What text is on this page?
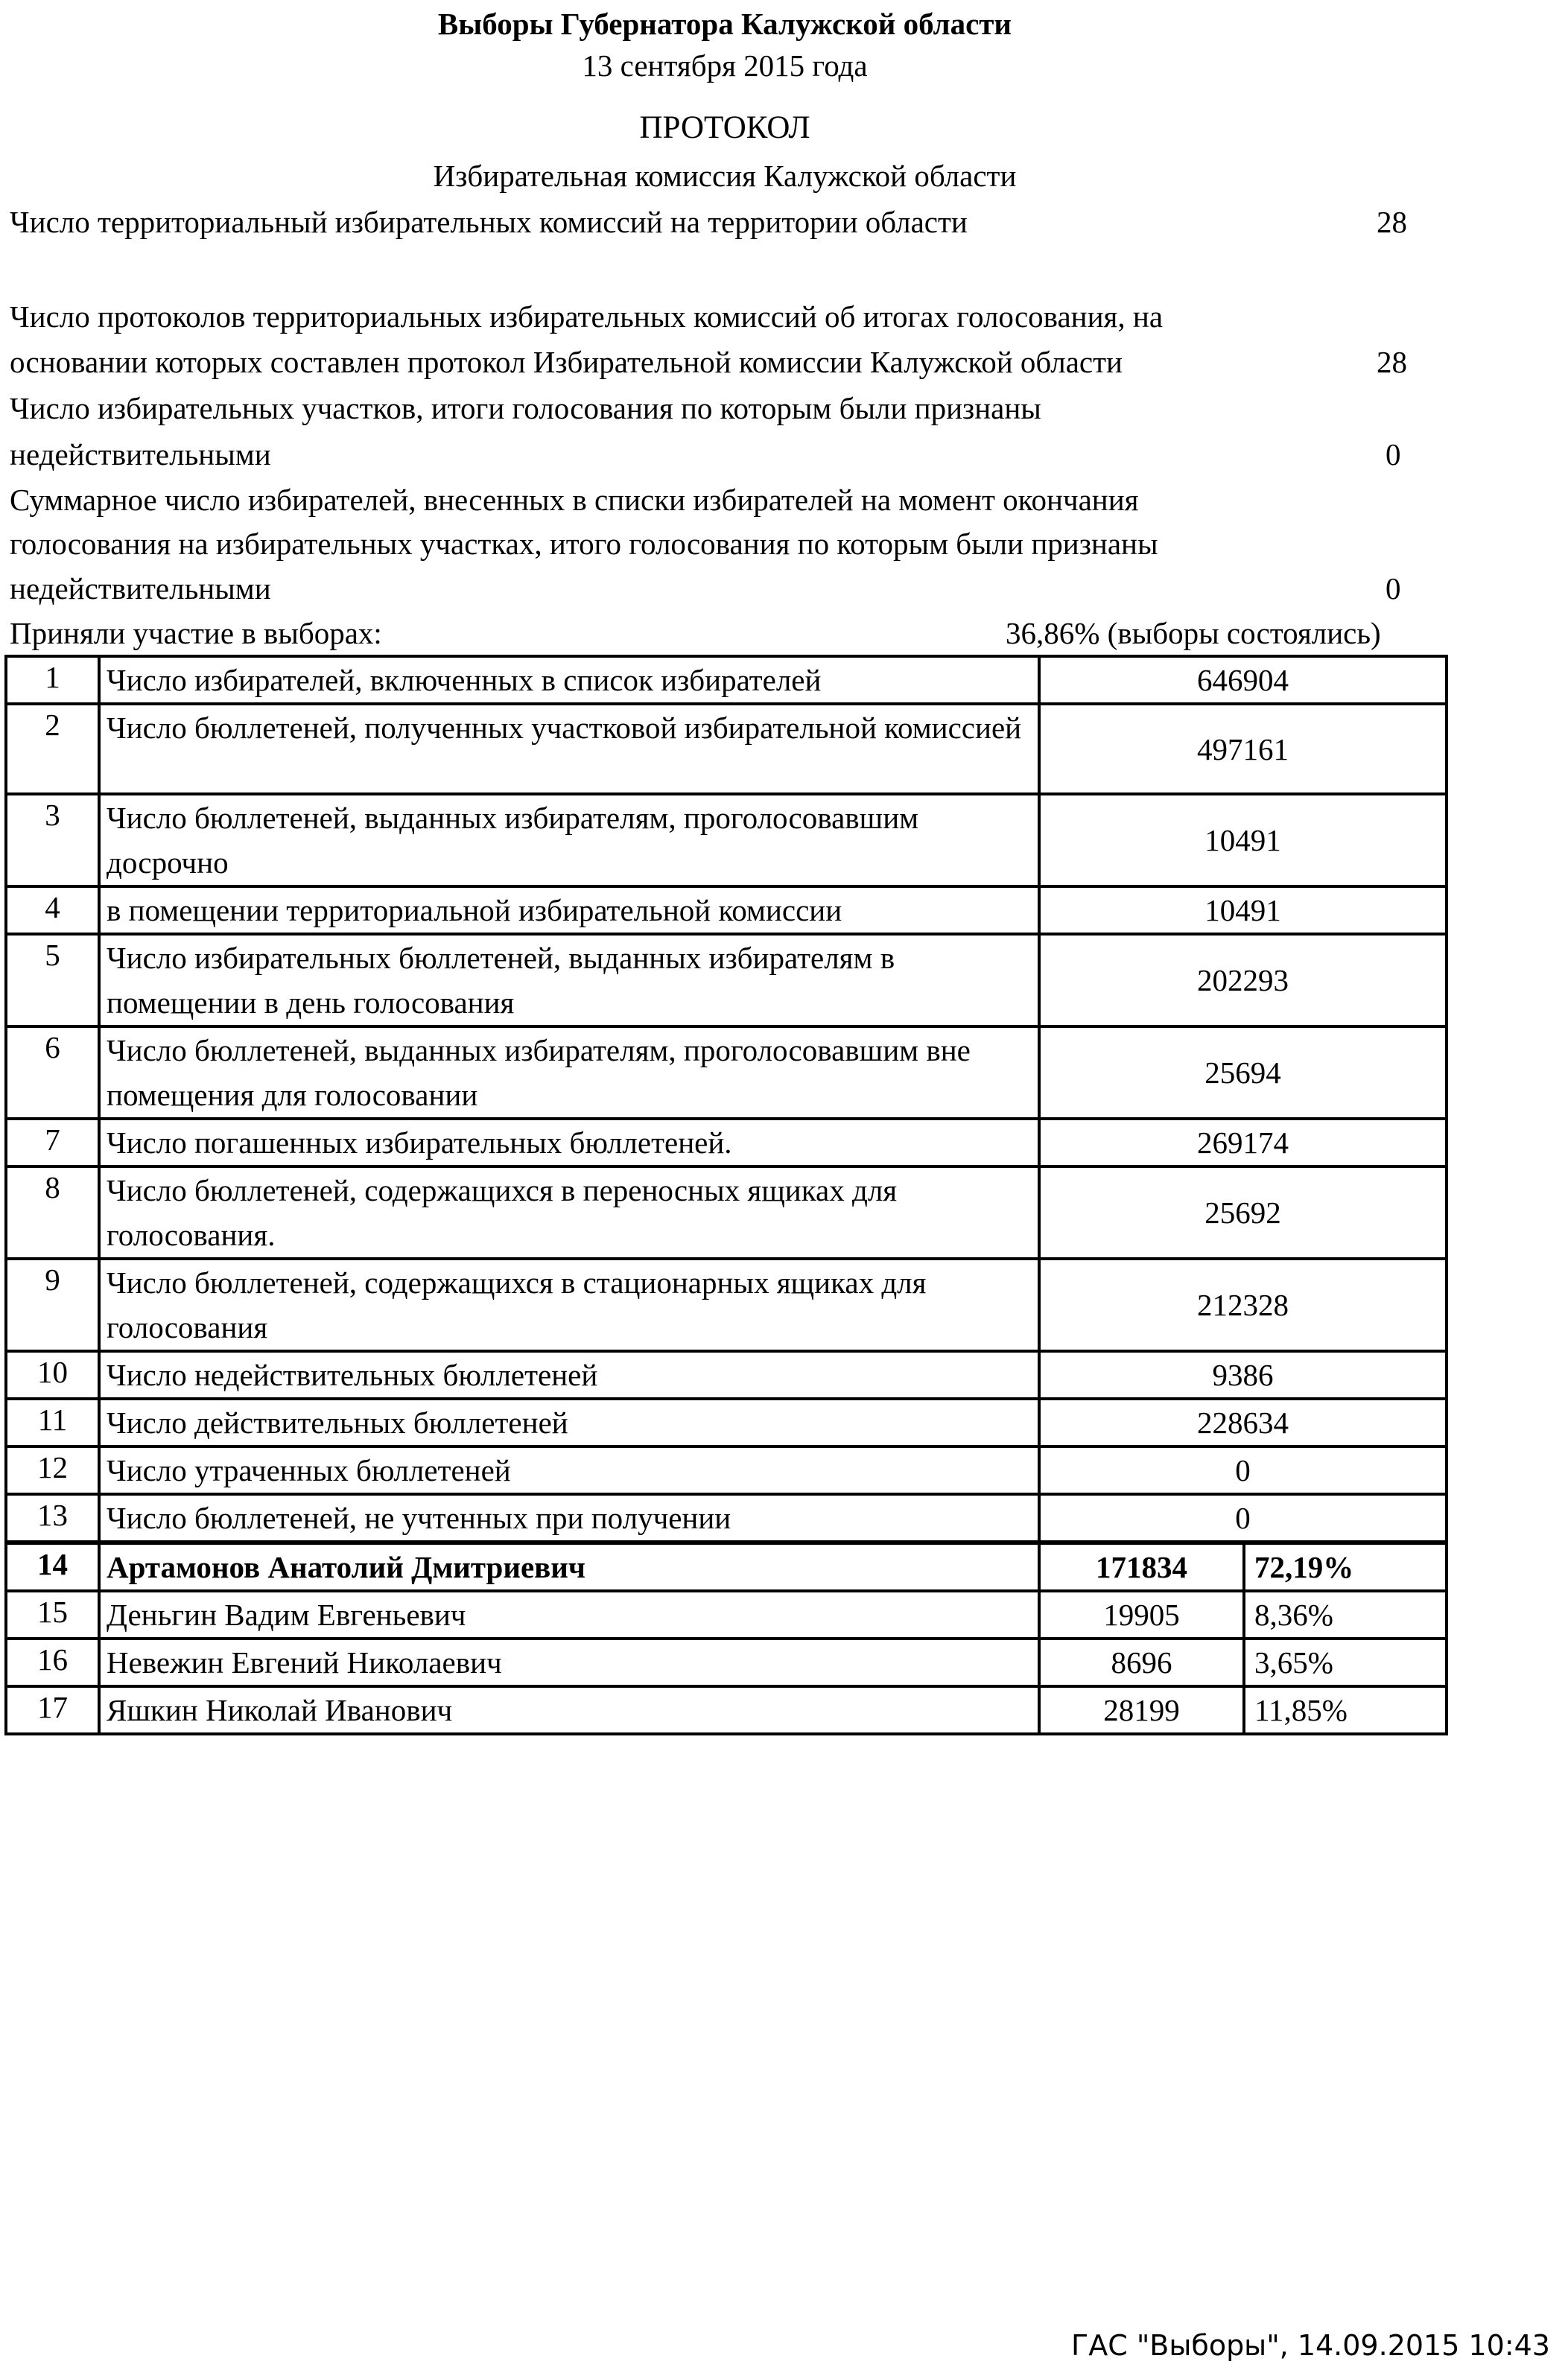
Выборы Губернатора Калужской области
13 сентября 2015 года
ПРОТОКОЛ
Избирательная комиссия Калужской области
Число территориальный избирательных комиссий на территории области	28
Число протоколов территориальных избирательных комиссий об итогах голосования, на
основании которых составлен протокол Избирательной комиссии Калужской области	28
Число избирательных участков, итоги голосования по которым были признаны
недействительными	0
Суммарное число избирателей, внесенных в списки избирателей на момент окончания
голосования на избирательных участках, итого голосования по которым были признаны
недействительными	0
Приняли участие в выборах:	36,86% (выборы состоялись)
1	Число избирателей, включенных в список избирателей	646904
2	Число бюллетеней, полученных участковой избирательной комиссией	497161
3	Число бюллетеней, выданных избирателям, проголосовавшим досрочно	10491
4	в помещении территориальной избирательной комиссии	10491
5	Число избирательных бюллетеней, выданных избирателям в помещении в день голосования	202293
6	Число бюллетеней, выданных избирателям, проголосовавшим вне помещения для голосовании	25694
7	Число погашенных избирательных бюллетеней.	269174
8	Число бюллетеней, содержащихся в переносных ящиках для голосования.	25692
9	Число бюллетеней, содержащихся в стационарных ящиках для голосования	212328
10	Число недействительных бюллетеней	9386
11	Число действительных бюллетеней	228634
12	Число утраченных бюллетеней	0
13	Число бюллетеней, не учтенных при получении	0
14	Артамонов Анатолий Дмитриевич	171834	72,19%
15	Деньгин Вадим Евгеньевич	19905	8,36%
16	Невежин Евгений Николаевич	8696	3,65%
17	Яшкин Николай Иванович	28199	11,85%
ГАС "Выборы", 14.09.2015 10:43
